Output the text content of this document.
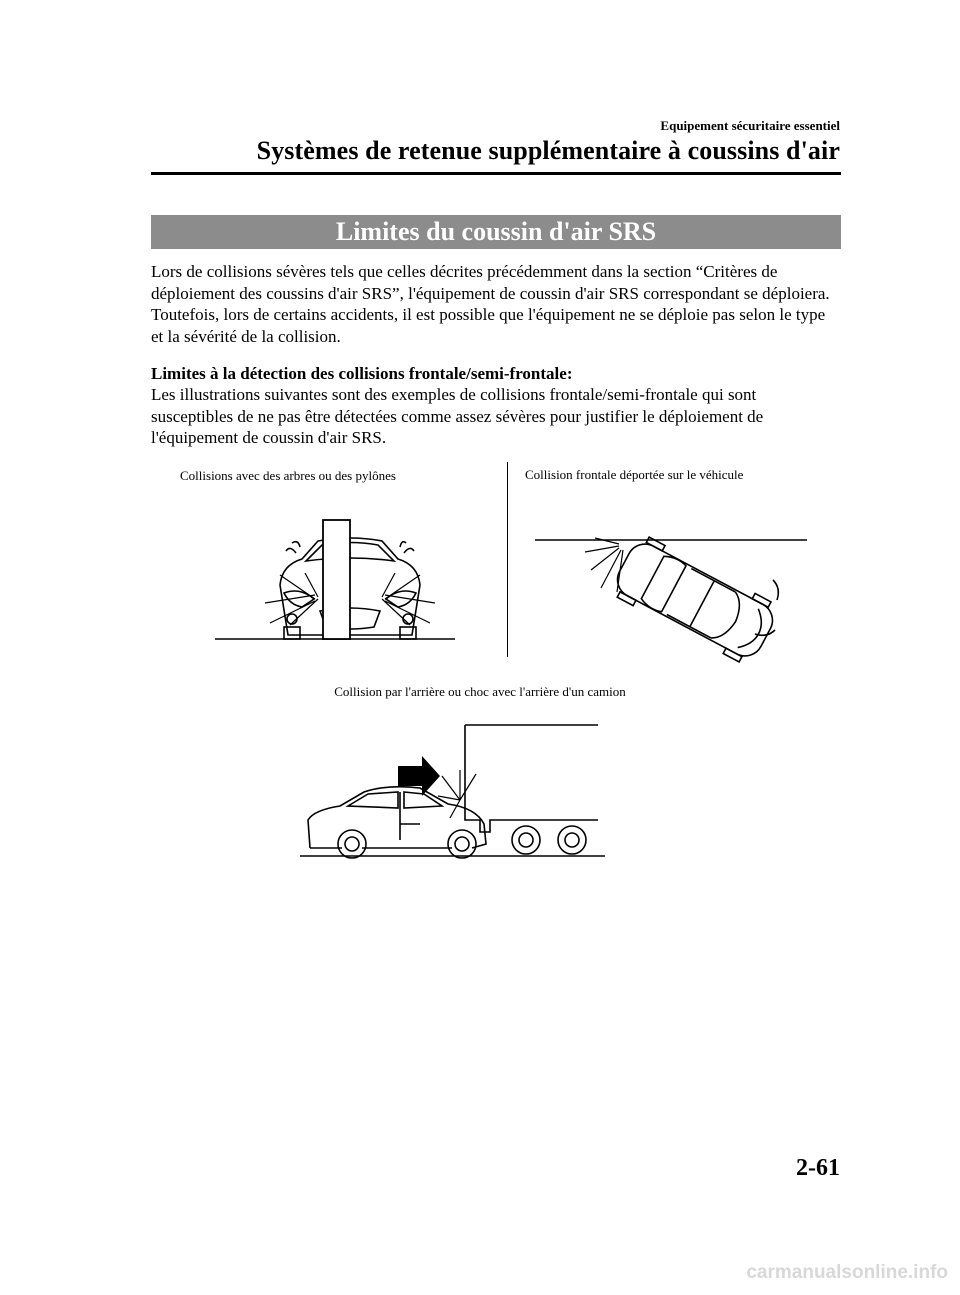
Equipement sécuritaire essentiel
Systèmes de retenue supplémentaire à coussins d'air
Limites du coussin d'air SRS

Lors de collisions sévères tels que celles décrites précédemment dans la section “Critères de déploiement des coussins d'air SRS”, l'équipement de coussin d'air SRS correspondant se déploiera. Toutefois, lors de certains accidents, il est possible que l'équipement ne se déploie pas selon le type et la sévérité de la collision.

Limites à la détection des collisions frontale/semi-frontale:

Les illustrations suivantes sont des exemples de collisions frontale/semi-frontale qui sont susceptibles de ne pas être détectées comme assez sévères pour justifier le déploiement de l'équipement de coussin d'air SRS.

Collisions avec des arbres ou des pylônes	Collision frontale déportée sur le véhicule
Collision par l'arrière ou choc avec l'arrière d'un camion
2-61
carmanualsonline.info
